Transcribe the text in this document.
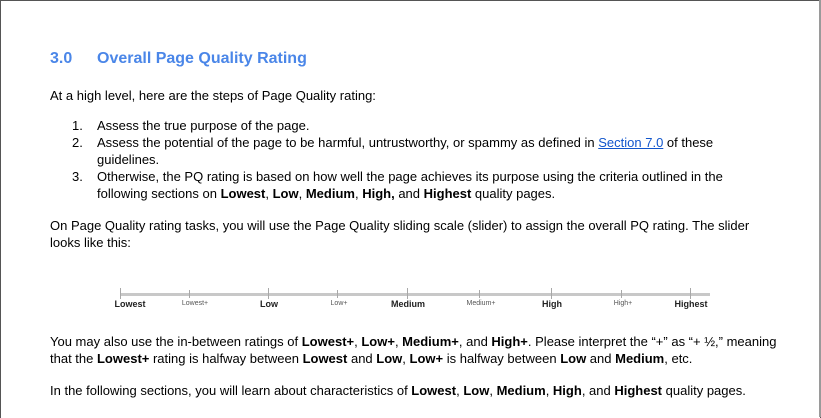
3.0 Overall Page Quality Rating
At a high level, here are the steps of Page Quality rating:
1. Assess the true purpose of the page.
2. Assess the potential of the page to be harmful, untrustworthy, or spammy as defined in Section 7.0 of these guidelines.
3. Otherwise, the PQ rating is based on how well the page achieves its purpose using the criteria outlined in the following sections on Lowest, Low, Medium, High, and Highest quality pages.
On Page Quality rating tasks, you will use the Page Quality sliding scale (slider) to assign the overall PQ rating. The slider looks like this:
Lowest	Lowest+	Low	Low+	Medium	Medium+	High	High+	Highest
You may also use the in-between ratings of Lowest+, Low+, Medium+, and High+. Please interpret the “+” as “+ ½,” meaning that the Lowest+ rating is halfway between Lowest and Low, Low+ is halfway between Low and Medium, etc.
In the following sections, you will learn about characteristics of Lowest, Low, Medium, High, and Highest quality pages.
